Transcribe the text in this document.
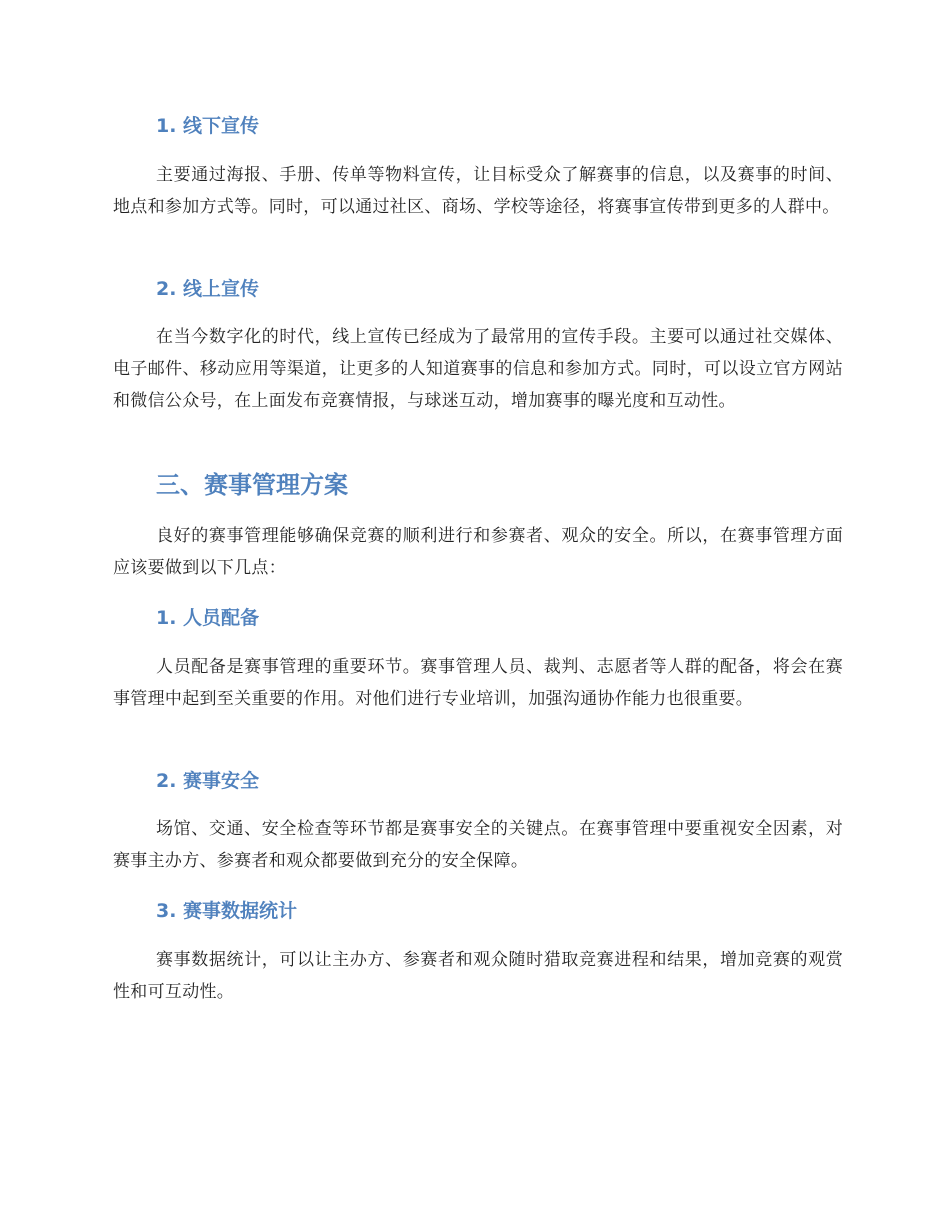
1. 线下宣传

主要通过海报、手册、传单等物料宣传，让目标受众了解赛事的信息，以及赛事的时间、地点和参加方式等。同时，可以通过社区、商场、学校等途径，将赛事宣传带到更多的人群中。

2. 线上宣传

在当今数字化的时代，线上宣传已经成为了最常用的宣传手段。主要可以通过社交媒体、电子邮件、移动应用等渠道，让更多的人知道赛事的信息和参加方式。同时，可以设立官方网站和微信公众号，在上面发布竞赛情报，与球迷互动，增加赛事的曝光度和互动性。

三、赛事管理方案

良好的赛事管理能够确保竞赛的顺利进行和参赛者、观众的安全。所以，在赛事管理方面应该要做到以下几点：

1. 人员配备

人员配备是赛事管理的重要环节。赛事管理人员、裁判、志愿者等人群的配备，将会在赛事管理中起到至关重要的作用。对他们进行专业培训，加强沟通协作能力也很重要。

2. 赛事安全

场馆、交通、安全检查等环节都是赛事安全的关键点。在赛事管理中要重视安全因素，对赛事主办方、参赛者和观众都要做到充分的安全保障。

3. 赛事数据统计

赛事数据统计，可以让主办方、参赛者和观众随时猎取竞赛进程和结果，增加竞赛的观赏性和可互动性。
